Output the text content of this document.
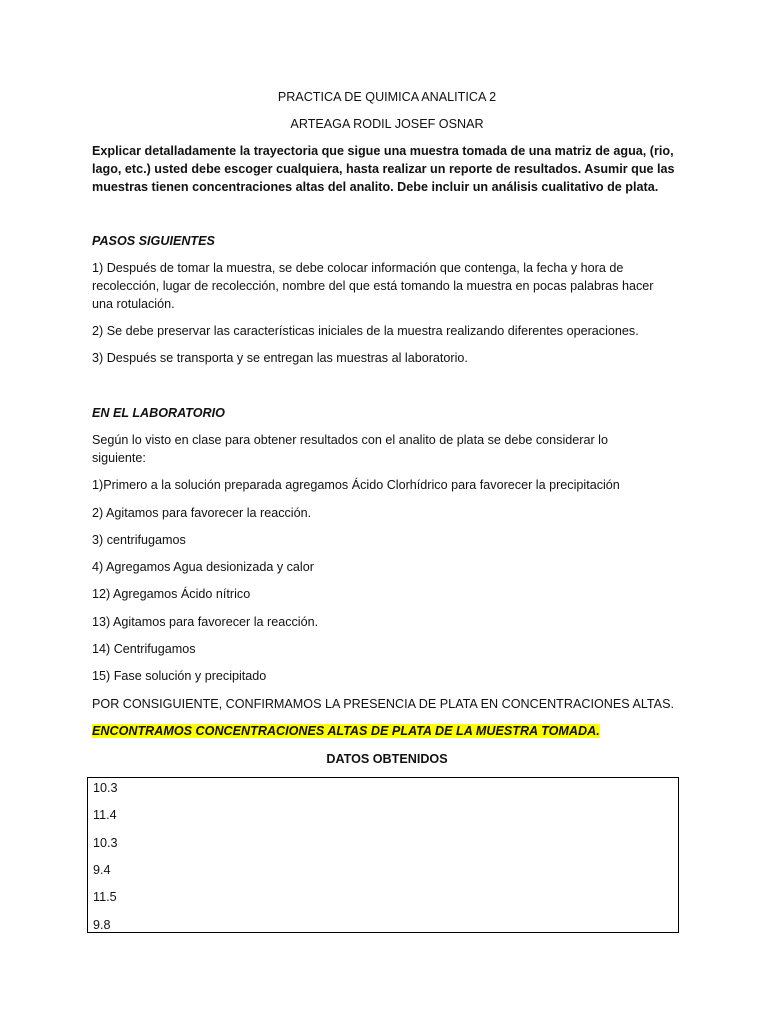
PRACTICA DE QUIMICA ANALITICA 2
ARTEAGA RODIL JOSEF OSNAR
Explicar detalladamente la trayectoria que sigue una muestra tomada de una matriz de agua, (rio,
lago, etc.) usted debe escoger cualquiera, hasta realizar un reporte de resultados. Asumir que las
muestras tienen concentraciones altas del analito. Debe incluir un análisis cualitativo de plata.
PASOS SIGUIENTES
1) Después de tomar la muestra, se debe colocar información que contenga, la fecha y hora de
recolección, lugar de recolección, nombre del que está tomando la muestra en pocas palabras hacer
una rotulación.
2) Se debe preservar las características iniciales de la muestra realizando diferentes operaciones.
3) Después se transporta y se entregan las muestras al laboratorio.
EN EL LABORATORIO
Según lo visto en clase para obtener resultados con el analito de plata se debe considerar lo
siguiente:
1)Primero a la solución preparada agregamos Ácido Clorhídrico para favorecer la precipitación
2) Agitamos para favorecer la reacción.
3) centrifugamos
4) Agregamos Agua desionizada y calor
12) Agregamos Ácido nítrico
13) Agitamos para favorecer la reacción.
14) Centrifugamos
15) Fase solución y precipitado
POR CONSIGUIENTE, CONFIRMAMOS LA PRESENCIA DE PLATA EN CONCENTRACIONES ALTAS.
ENCONTRAMOS CONCENTRACIONES ALTAS DE PLATA DE LA MUESTRA TOMADA.
DATOS OBTENIDOS
10.3
11.4
10.3
9.4
11.5
9.8
